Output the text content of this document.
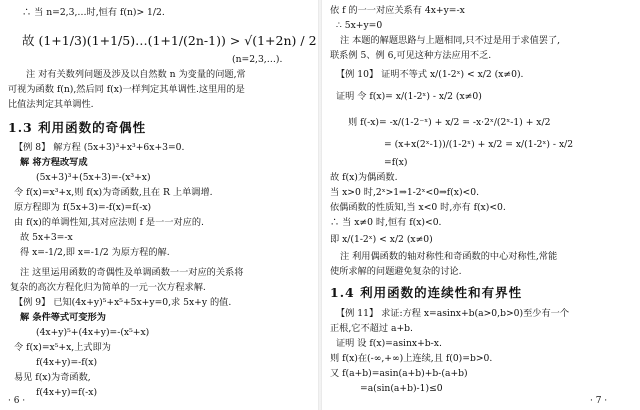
∴ 当 n=2,3,…时,恒有 f(n)> 1/2.
故 (1+1/3)(1+1/5)…(1+1/(2n-1)) > √(1+2n) / 2
(n=2,3,…).
注 对有关数列问题及涉及以自然数 n 为变量的问题,常
可视为函数 f(n),然后同 f(x)一样判定其单调性.这里用的是
比值法判定其单调性.
1.3 利用函数的奇偶性
【例 8】 解方程 (5x+3)³+x³+6x+3=0.
解 将方程改写成
(5x+3)³+(5x+3)=-(x³+x)
令 f(x)=x³+x,则 f(x)为奇函数,且在 R 上单调增.
原方程即为 f(5x+3)=-f(x)=f(-x)
由 f(x)的单调性知,其对应法则 f 是一一对应的.
故 5x+3=-x
得 x=-1/2,即 x=-1/2 为原方程的解.
注 这里运用函数的奇偶性及单调函数一一对应的关系将
复杂的高次方程化归为简单的一元一次方程求解.
【例 9】 已知(4x+y)⁵+x⁵+5x+y=0,求 5x+y 的值.
解 条件等式可变形为
(4x+y)⁵+(4x+y)=-(x⁵+x)
令 f(x)=x⁵+x,上式即为
f(4x+y)=-f(x)
易见 f(x)为奇函数,
f(4x+y)=f(-x)
· 6 ·
依 f 的一一对应关系有 4x+y=-x
∴ 5x+y=0
注 本题的解题思路与上题相同,只不过是用于求值罢了,
联系例 5、例 6,可见这种方法应用不乏.
【例 10】 证明不等式 x/(1-2ˣ) < x/2 (x≠0).
证明 令 f(x)= x/(1-2ˣ) - x/2 (x≠0)
则 f(-x)= -x/(1-2⁻ˣ) + x/2 = -x·2ˣ/(2ˣ-1) + x/2
= (x+x(2ˣ-1))/(1-2ˣ) + x/2 = x/(1-2ˣ) - x/2
=f(x)
故 f(x)为偶函数.
当 x>0 时,2ˣ>1⇒1-2ˣ<0⇒f(x)<0.
依偶函数的性质知,当 x<0 时,亦有 f(x)<0.
∴ 当 x≠0 时,恒有 f(x)<0.
即 x/(1-2ˣ) < x/2 (x≠0)
注 利用偶函数的轴对称性和奇函数的中心对称性,常能
使所求解的问题避免复杂的讨论.
1.4 利用函数的连续性和有界性
【例 11】 求证:方程 x=asinx+b(a>0,b>0)至少有一个
正根,它不超过 a+b.
证明 设 f(x)=asinx+b-x.
则 f(x)在(-∞,+∞)上连续,且 f(0)=b>0.
又 f(a+b)=asin(a+b)+b-(a+b)
=a(sin(a+b)-1)≤0
· 7 ·
